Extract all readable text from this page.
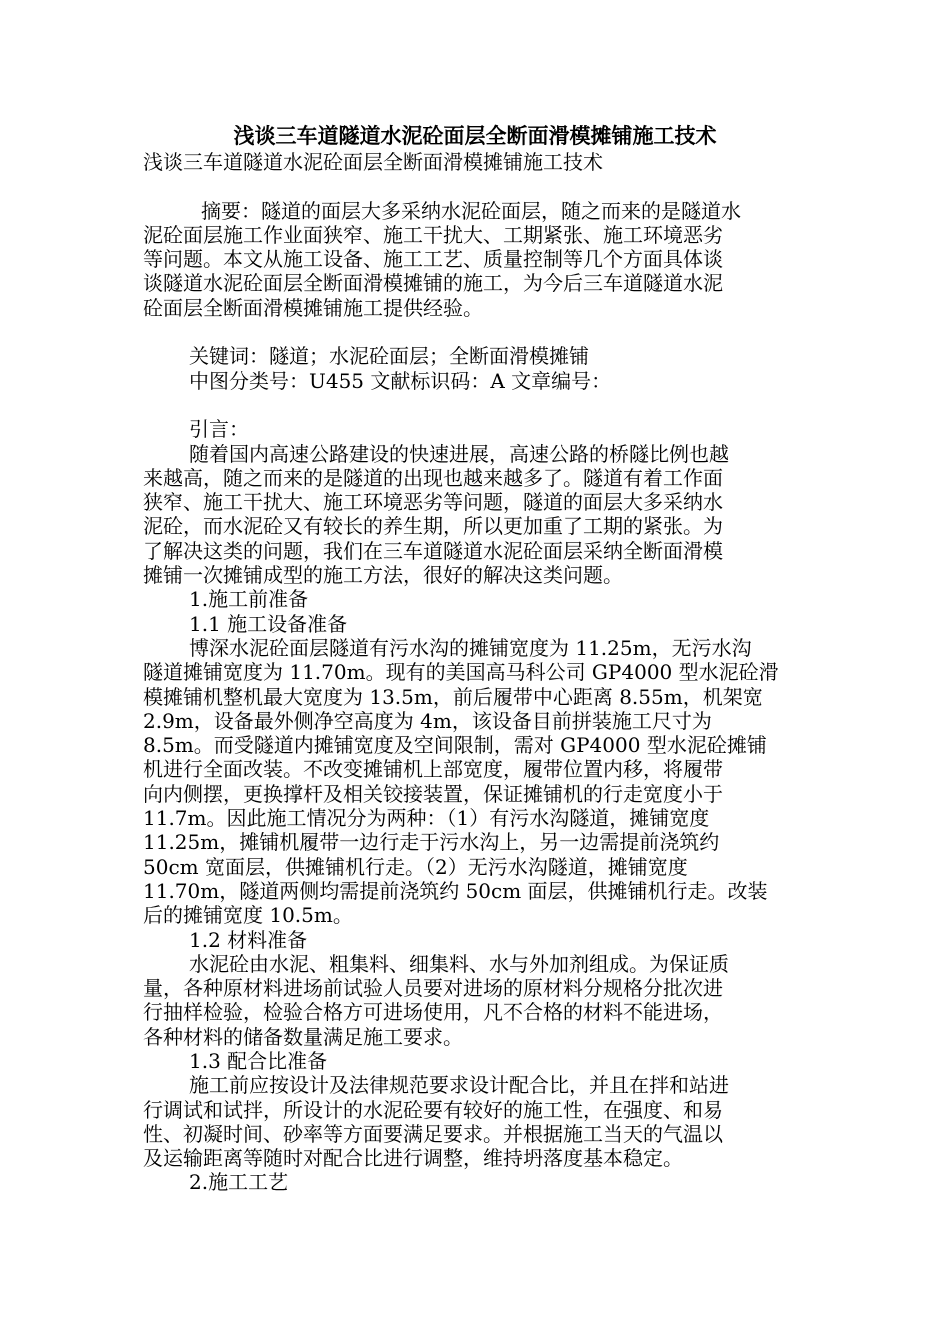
浅谈三车道隧道水泥砼面层全断面滑模摊铺施工技术
浅谈三车道隧道水泥砼面层全断面滑模摊铺施工技术
摘要：隧道的面层大多采纳水泥砼面层，随之而来的是隧道水
泥砼面层施工作业面狭窄、施工干扰大、工期紧张、施工环境恶劣
等问题。本文从施工设备、施工工艺、质量控制等几个方面具体谈
谈隧道水泥砼面层全断面滑模摊铺的施工，为今后三车道隧道水泥
砼面层全断面滑模摊铺施工提供经验。
关键词：隧道；水泥砼面层；全断面滑模摊铺
中图分类号：U455 文献标识码：A 文章编号：
引言：
随着国内高速公路建设的快速进展，高速公路的桥隧比例也越
来越高，随之而来的是隧道的出现也越来越多了。隧道有着工作面
狭窄、施工干扰大、施工环境恶劣等问题，隧道的面层大多采纳水
泥砼，而水泥砼又有较长的养生期，所以更加重了工期的紧张。为
了解决这类的问题，我们在三车道隧道水泥砼面层采纳全断面滑模
摊铺一次摊铺成型的施工方法，很好的解决这类问题。
1.施工前准备
1.1 施工设备准备
博深水泥砼面层隧道有污水沟的摊铺宽度为 11.25m，无污水沟
隧道摊铺宽度为 11.70m。现有的美国高马科公司 GP4000 型水泥砼滑
模摊铺机整机最大宽度为 13.5m，前后履带中心距离 8.55m，机架宽
2.9m，设备最外侧净空高度为 4m，该设备目前拼装施工尺寸为
8.5m。而受隧道内摊铺宽度及空间限制，需对 GP4000 型水泥砼摊铺
机进行全面改装。不改变摊铺机上部宽度，履带位置内移，将履带
向内侧摆，更换撑杆及相关铰接装置，保证摊铺机的行走宽度小于
11.7m。因此施工情况分为两种：（1）有污水沟隧道，摊铺宽度
11.25m，摊铺机履带一边行走于污水沟上，另一边需提前浇筑约
50cm 宽面层，供摊铺机行走。（2）无污水沟隧道，摊铺宽度
11.70m，隧道两侧均需提前浇筑约 50cm 面层，供摊铺机行走。改装
后的摊铺宽度 10.5m。
1.2 材料准备
水泥砼由水泥、粗集料、细集料、水与外加剂组成。为保证质
量，各种原材料进场前试验人员要对进场的原材料分规格分批次进
行抽样检验，检验合格方可进场使用，凡不合格的材料不能进场，
各种材料的储备数量满足施工要求。
1.3 配合比准备
施工前应按设计及法律规范要求设计配合比，并且在拌和站进
行调试和试拌，所设计的水泥砼要有较好的施工性，在强度、和易
性、初凝时间、砂率等方面要满足要求。并根据施工当天的气温以
及运输距离等随时对配合比进行调整，维持坍落度基本稳定。
2.施工工艺
